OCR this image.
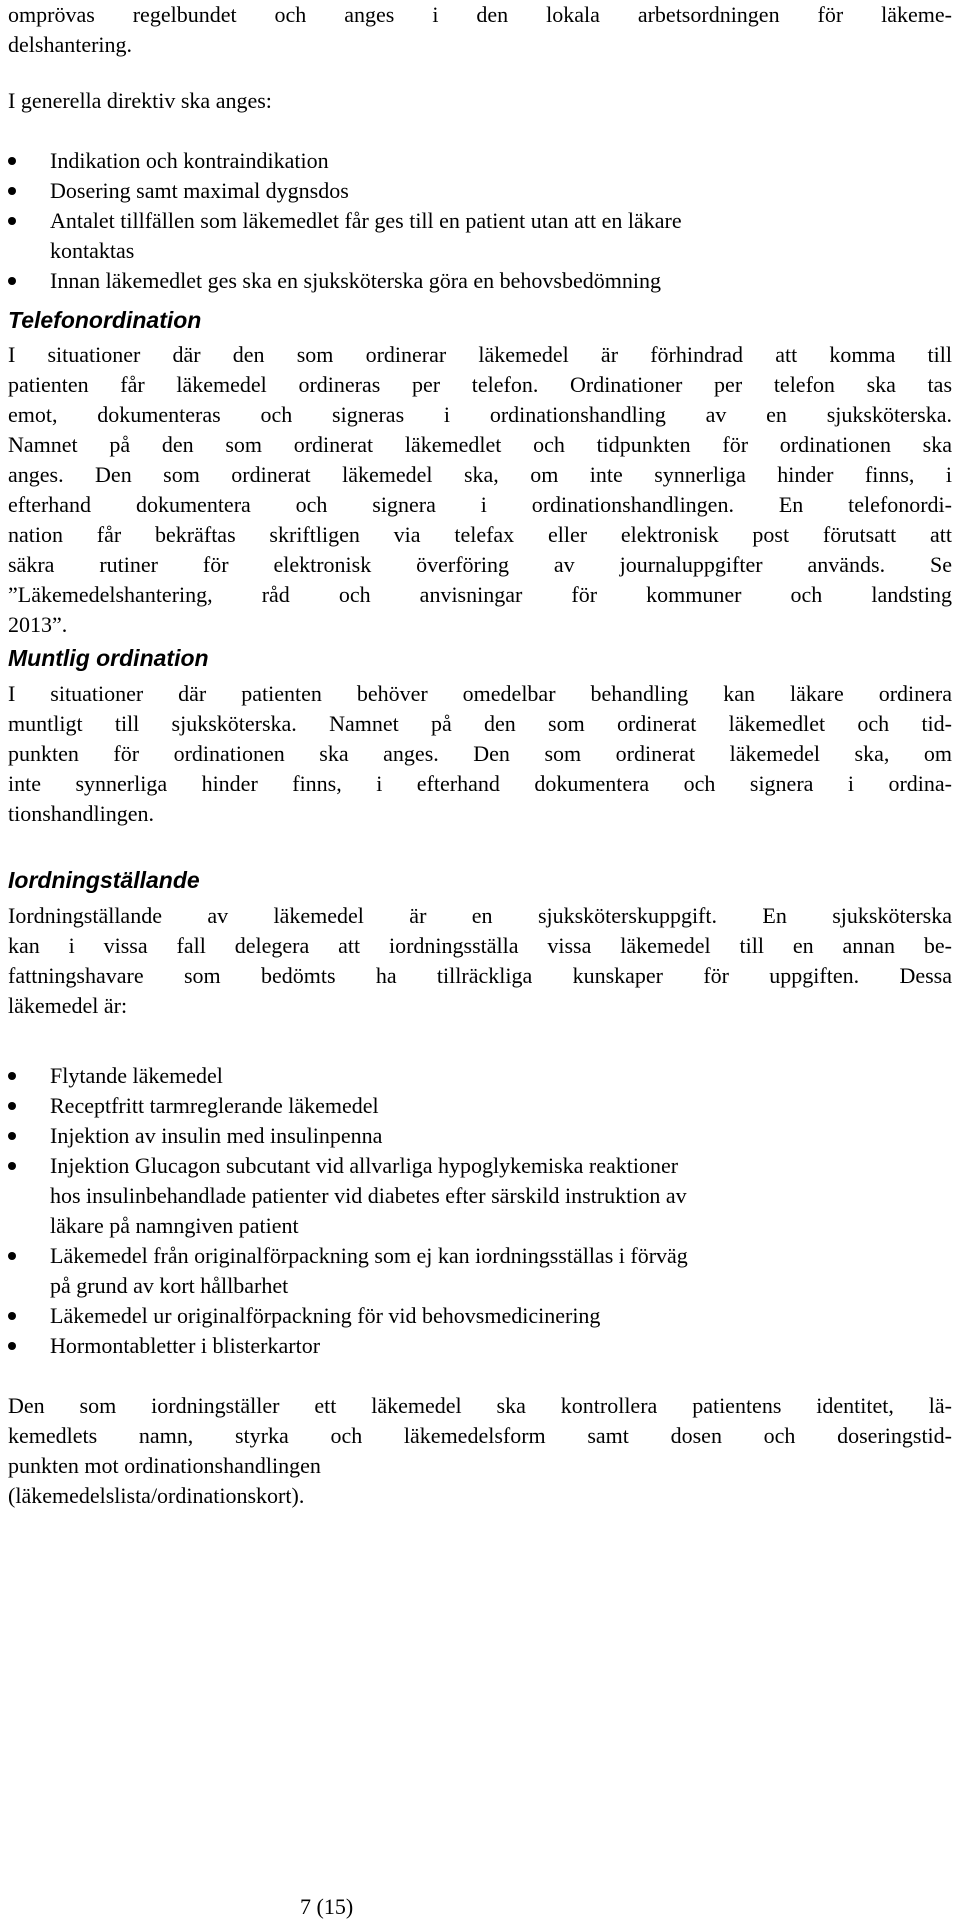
omprövas regelbundet och anges i den lokala arbetsordningen för läkeme-

delshantering.

I generella direktiv ska anges:

Indikation och kontraindikation

Dosering samt maximal dygnsdos

Antalet tillfällen som läkemedlet får ges till en patient utan att en läkare

kontaktas

Innan läkemedlet ges ska en sjuksköterska göra en behovsbedömning

Telefonordination

I situationer där den som ordinerar läkemedel är förhindrad att komma till

patienten får läkemedel ordineras per telefon. Ordinationer per telefon ska tas

emot, dokumenteras och signeras i ordinationshandling av en sjuksköterska.

Namnet på den som ordinerat läkemedlet och tidpunkten för ordinationen ska

anges. Den som ordinerat läkemedel ska, om inte synnerliga hinder finns, i

efterhand dokumentera och signera i ordinationshandlingen. En telefonordi-

nation får bekräftas skriftligen via telefax eller elektronisk post förutsatt att

säkra rutiner för elektronisk överföring av journaluppgifter används. Se

”Läkemedelshantering, råd och anvisningar för kommuner och landsting

2013”.

Muntlig ordination

I situationer där patienten behöver omedelbar behandling kan läkare ordinera

muntligt till sjuksköterska. Namnet på den som ordinerat läkemedlet och tid-

punkten för ordinationen ska anges. Den som ordinerat läkemedel ska, om

inte synnerliga hinder finns, i efterhand dokumentera och signera i ordina-

tionshandlingen.

Iordningställande

Iordningställande av läkemedel är en sjuksköterskuppgift. En sjuksköterska

kan i vissa fall delegera att iordningsställa vissa läkemedel till en annan be-

fattningshavare som bedömts ha tillräckliga kunskaper för uppgiften. Dessa

läkemedel är:

Flytande läkemedel

Receptfritt tarmreglerande läkemedel

Injektion av insulin med insulinpenna

Injektion Glucagon subcutant vid allvarliga hypoglykemiska reaktioner

hos insulinbehandlade patienter vid diabetes efter särskild instruktion av

läkare på namngiven patient

Läkemedel från originalförpackning som ej kan iordningsställas i förväg

på grund av kort hållbarhet

Läkemedel ur originalförpackning för vid behovsmedicinering

Hormontabletter i blisterkartor

Den som iordningställer ett läkemedel ska kontrollera patientens identitet, lä-

kemedlets namn, styrka och läkemedelsform samt dosen och doseringstid-

punkten mot ordinationshandlingen

(läkemedelslista/ordinationskort).

7 (15)
